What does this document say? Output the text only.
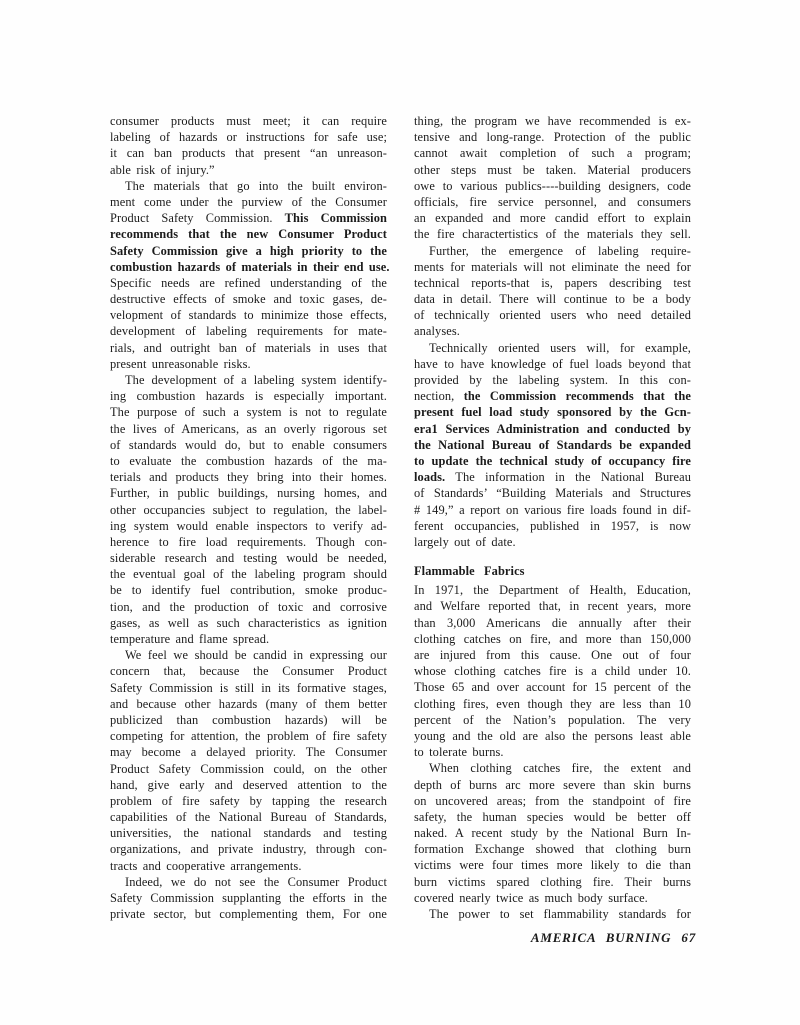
consumer products must meet; it can require
labeling of hazards or instructions for safe use;
it can ban products that present “an unreason-
able risk of injury.”
The materials that go into the built environ-
ment come under the purview of the Consumer
Product Safety Commission. This Commission
recommends that the new Consumer Product
Safety Commission give a high priority to the
combustion hazards of materials in their end use.
Specific needs are refined understanding of the
destructive effects of smoke and toxic gases, de-
velopment of standards to minimize those effects,
development of labeling requirements for mate-
rials, and outright ban of materials in uses that
present unreasonable risks.
The development of a labeling system identify-
ing combustion hazards is especially important.
The purpose of such a system is not to regulate
the lives of Americans, as an overly rigorous set
of standards would do, but to enable consumers
to evaluate the combustion hazards of the ma-
terials and products they bring into their homes.
Further, in public buildings, nursing homes, and
other occupancies subject to regulation, the label-
ing system would enable inspectors to verify ad-
herence to fire load requirements. Though con-
siderable research and testing would be needed,
the eventual goal of the labeling program should
be to identify fuel contribution, smoke produc-
tion, and the production of toxic and corrosive
gases, as well as such characteristics as ignition
temperature and flame spread.
We feel we should be candid in expressing our
concern that, because the Consumer Product
Safety Commission is still in its formative stages,
and because other hazards (many of them better
publicized than combustion hazards) will be
competing for attention, the problem of fire safety
may become a delayed priority. The Consumer
Product Safety Commission could, on the other
hand, give early and deserved attention to the
problem of fire safety by tapping the research
capabilities of the National Bureau of Standards,
universities, the national standards and testing
organizations, and private industry, through con-
tracts and cooperative arrangements.
Indeed, we do not see the Consumer Product
Safety Commission supplanting the efforts in the
private sector, but complementing them, For one
thing, the program we have recommended is ex-
tensive and long-range. Protection of the public
cannot await completion of such a program;
other steps must be taken. Material producers
owe to various publics----building designers, code
officials, fire service personnel, and consumers
an expanded and more candid effort to explain
the fire charactertistics of the materials they sell.
Further, the emergence of labeling require-
ments for materials will not eliminate the need for
technical reports-that is, papers describing test
data in detail. There will continue to be a body
of technically oriented users who need detailed
analyses.
Technically oriented users will, for example,
have to have knowledge of fuel loads beyond that
provided by the labeling system. In this con-
nection, the Commission recommends that the
present fuel load study sponsored by the Gcn-
era1 Services Administration and conducted by
the National Bureau of Standards be expanded
to update the technical study of occupancy fire
loads. The information in the National Bureau
of Standards’ “Building Materials and Structures
# 149,” a report on various fire loads found in dif-
ferent occupancies, published in 1957, is now
largely out of date.
Flammable Fabrics
In 1971, the Department of Health, Education,
and Welfare reported that, in recent years, more
than 3,000 Americans die annually after their
clothing catches on fire, and more than 150,000
are injured from this cause. One out of four
whose clothing catches fire is a child under 10.
Those 65 and over account for 15 percent of the
clothing fires, even though they are less than 10
percent of the Nation’s population. The very
young and the old are also the persons least able
to tolerate burns.
When clothing catches fire, the extent and
depth of burns arc more severe than skin burns
on uncovered areas; from the standpoint of fire
safety, the human species would be better off
naked. A recent study by the National Burn In-
formation Exchange showed that clothing burn
victims were four times more likely to die than
burn victims spared clothing fire. Their burns
covered nearly twice as much body surface.
The power to set flammability standards for
AMERICA BURNING 67
